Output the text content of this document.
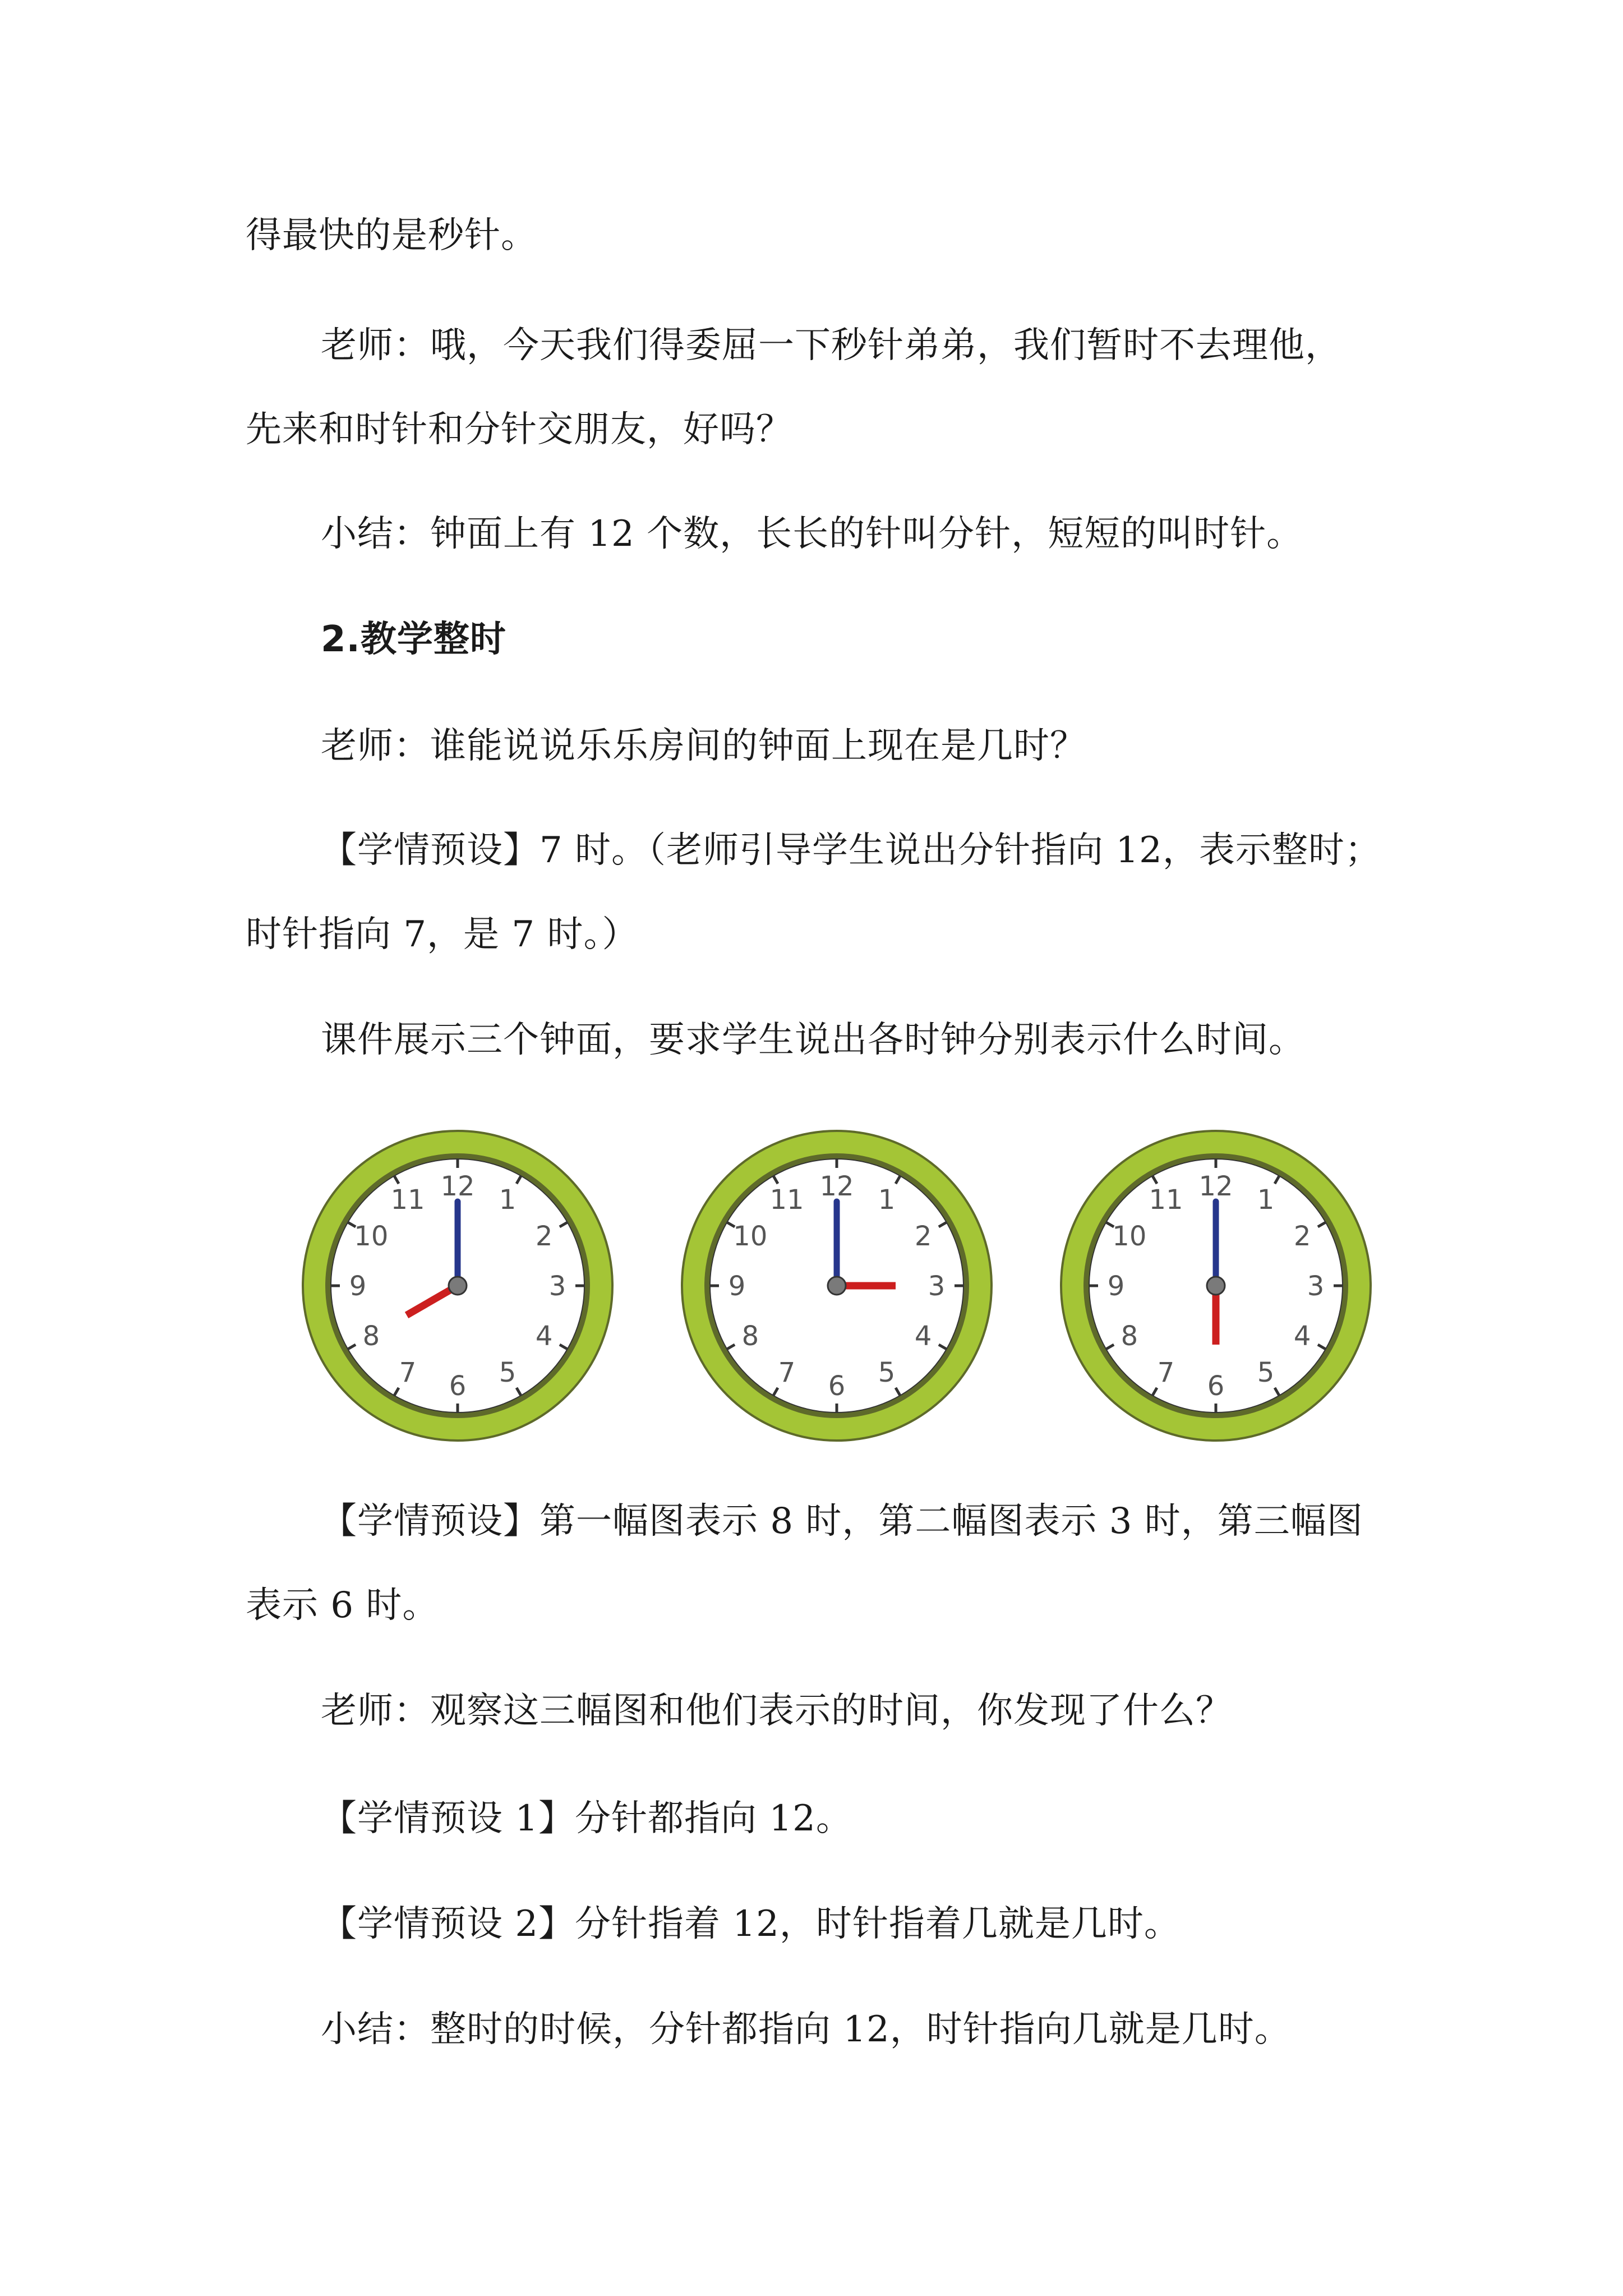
得最快的是秒针。
老师：哦，今天我们得委屈一下秒针弟弟，我们暂时不去理他，
先来和时针和分针交朋友，好吗？
小结：钟面上有 12 个数，长长的针叫分针，短短的叫时针。
2.教学整时
老师：谁能说说乐乐房间的钟面上现在是几时？
【学情预设】7 时。（老师引导学生说出分针指向 12，表示整时；
时针指向 7，是 7 时。）
课件展示三个钟面，要求学生说出各时钟分别表示什么时间。
12 1
2
3
4
5
6
7
8
9
10
11	12 1
2
3
4
5
6
7
8
9
10
11	12 1
2
3
4
5
6
7
8
9
10
11
【学情预设】第一幅图表示 8 时，第二幅图表示 3 时，第三幅图
表示 6 时。
老师：观察这三幅图和他们表示的时间，你发现了什么？
【学情预设 1】分针都指向 12。
【学情预设 2】分针指着 12，时针指着几就是几时。
小结：整时的时候，分针都指向 12，时针指向几就是几时。
